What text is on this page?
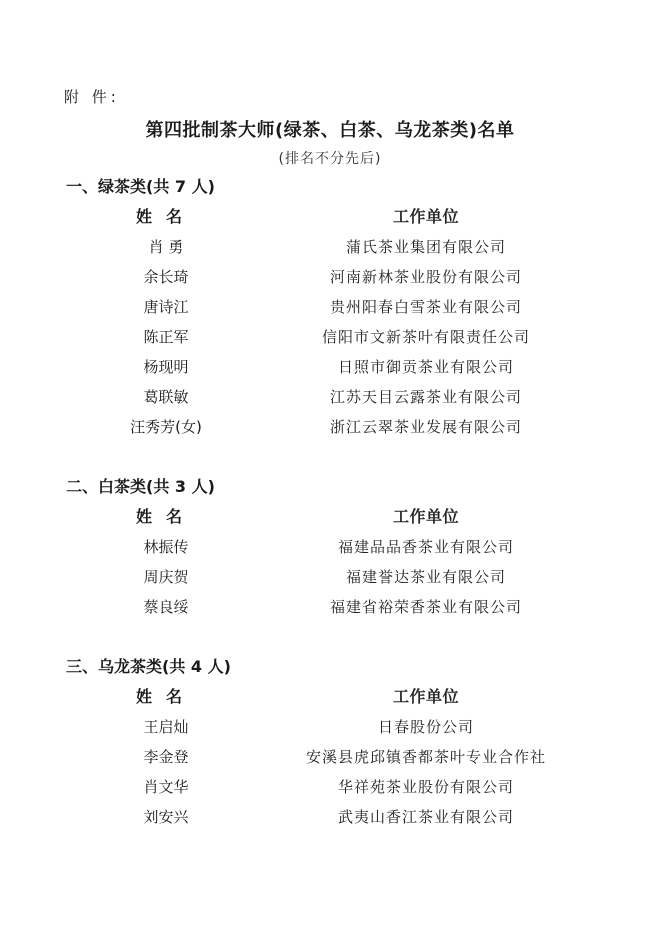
附 件:
第四批制茶大师(绿茶、白茶、乌龙茶类)名单
(排名不分先后)
一、绿茶类(共 7 人)
姓名	工作单位
肖 勇	蒲氏茶业集团有限公司
余长琦	河南新林茶业股份有限公司
唐诗江	贵州阳春白雪茶业有限公司
陈正军	信阳市文新茶叶有限责任公司
杨现明	日照市御贡茶业有限公司
葛联敏	江苏天目云露茶业有限公司
汪秀芳(女)	浙江云翠茶业发展有限公司
二、白茶类(共 3 人)
姓名	工作单位
林振传	福建品品香茶业有限公司
周庆贺	福建誉达茶业有限公司
蔡良绥	福建省裕荣香茶业有限公司
三、乌龙茶类(共 4 人)
姓名	工作单位
王启灿	日春股份公司
李金登	安溪县虎邱镇香都茶叶专业合作社
肖文华	华祥苑茶业股份有限公司
刘安兴	武夷山香江茶业有限公司
